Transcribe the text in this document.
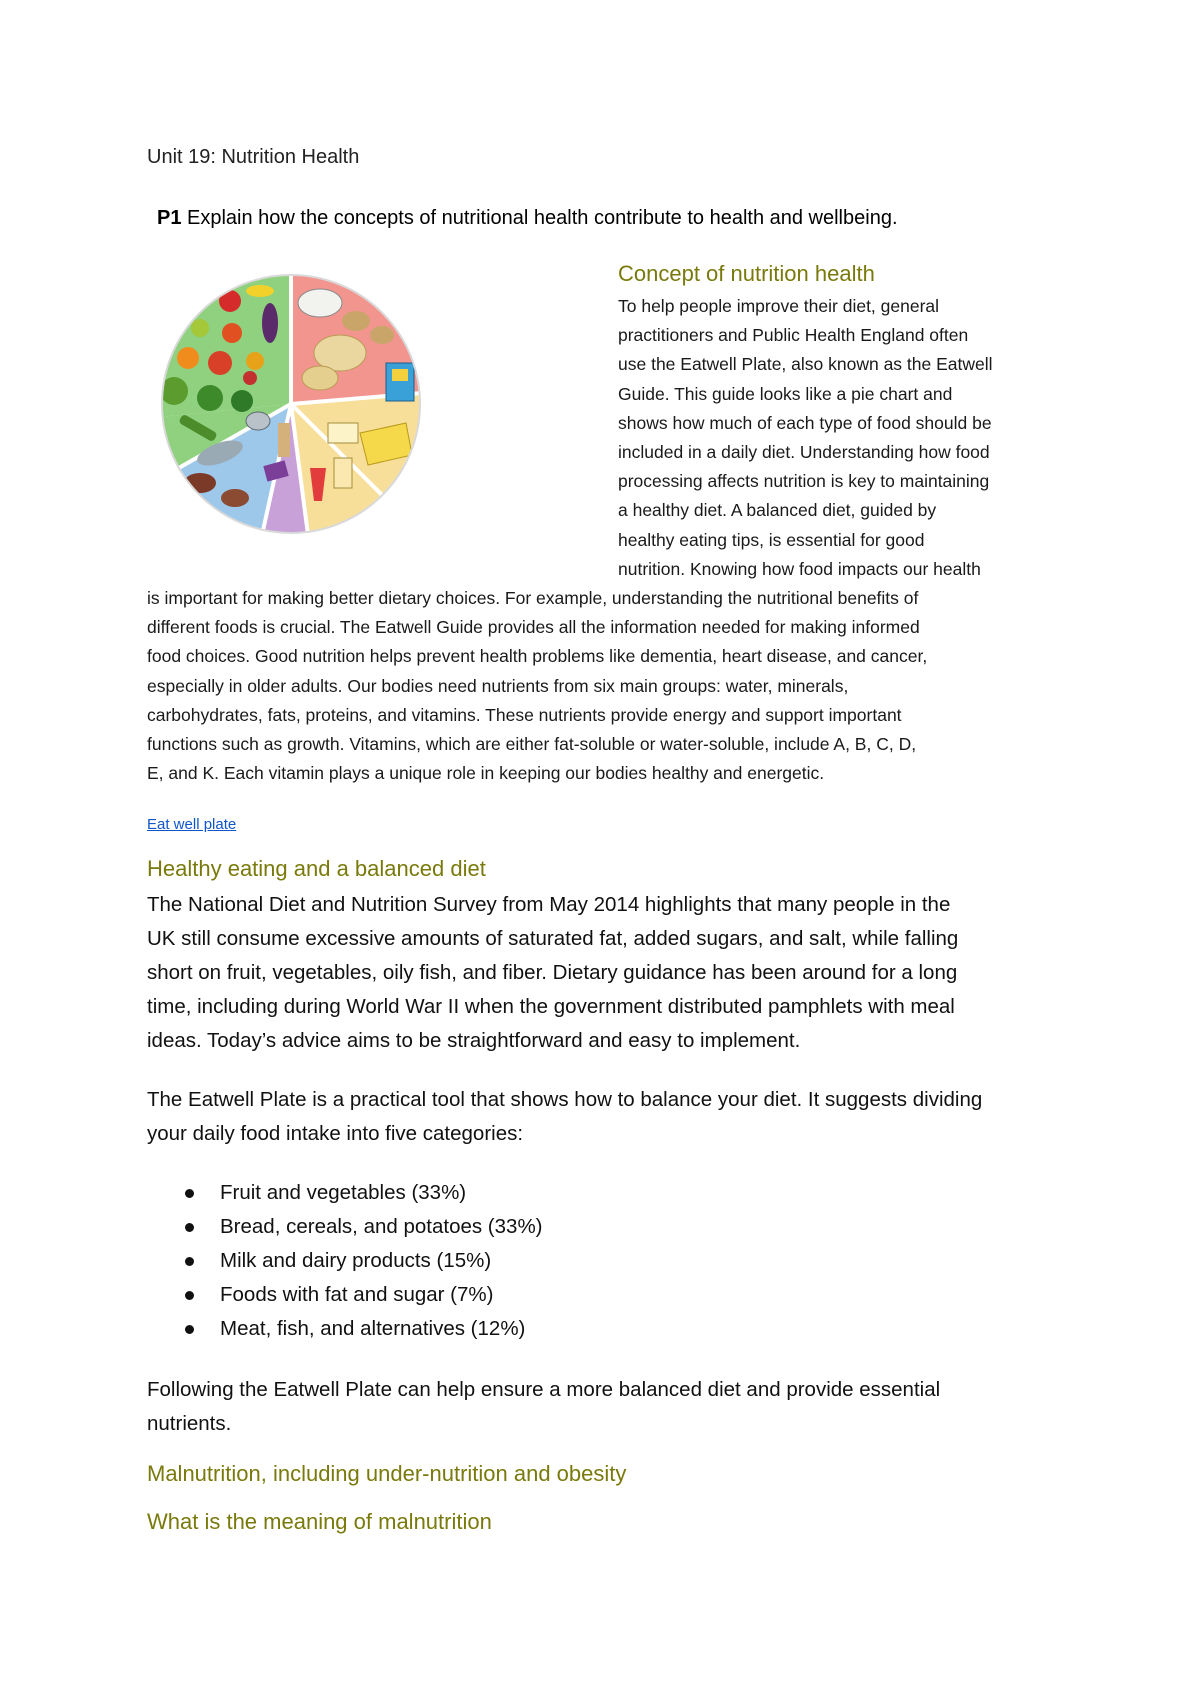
Unit 19: Nutrition Health
P1 Explain how the concepts of nutritional health contribute to health and wellbeing.
Concept of nutrition health
To help people improve their diet, general
practitioners and Public Health England often
use the Eatwell Plate, also known as the Eatwell
Guide. This guide looks like a pie chart and
shows how much of each type of food should be
included in a daily diet. Understanding how food
processing affects nutrition is key to maintaining
a healthy diet. A balanced diet, guided by
healthy eating tips, is essential for good
nutrition. Knowing how food impacts our health
is important for making better dietary choices. For example, understanding the nutritional benefits of
different foods is crucial. The Eatwell Guide provides all the information needed for making informed
food choices. Good nutrition helps prevent health problems like dementia, heart disease, and cancer,
especially in older adults. Our bodies need nutrients from six main groups: water, minerals,
carbohydrates, fats, proteins, and vitamins. These nutrients provide energy and support important
functions such as growth. Vitamins, which are either fat-soluble or water-soluble, include A, B, C, D,
E, and K. Each vitamin plays a unique role in keeping our bodies healthy and energetic.
Eat well plate
Healthy eating and a balanced diet
The National Diet and Nutrition Survey from May 2014 highlights that many people in the
UK still consume excessive amounts of saturated fat, added sugars, and salt, while falling
short on fruit, vegetables, oily fish, and fiber. Dietary guidance has been around for a long
time, including during World War II when the government distributed pamphlets with meal
ideas. Today’s advice aims to be straightforward and easy to implement.
The Eatwell Plate is a practical tool that shows how to balance your diet. It suggests dividing
your daily food intake into five categories:
Fruit and vegetables (33%)
Bread, cereals, and potatoes (33%)
Milk and dairy products (15%)
Foods with fat and sugar (7%)
Meat, fish, and alternatives (12%)
Following the Eatwell Plate can help ensure a more balanced diet and provide essential
nutrients.
Malnutrition, including under-nutrition and obesity
What is the meaning of malnutrition
